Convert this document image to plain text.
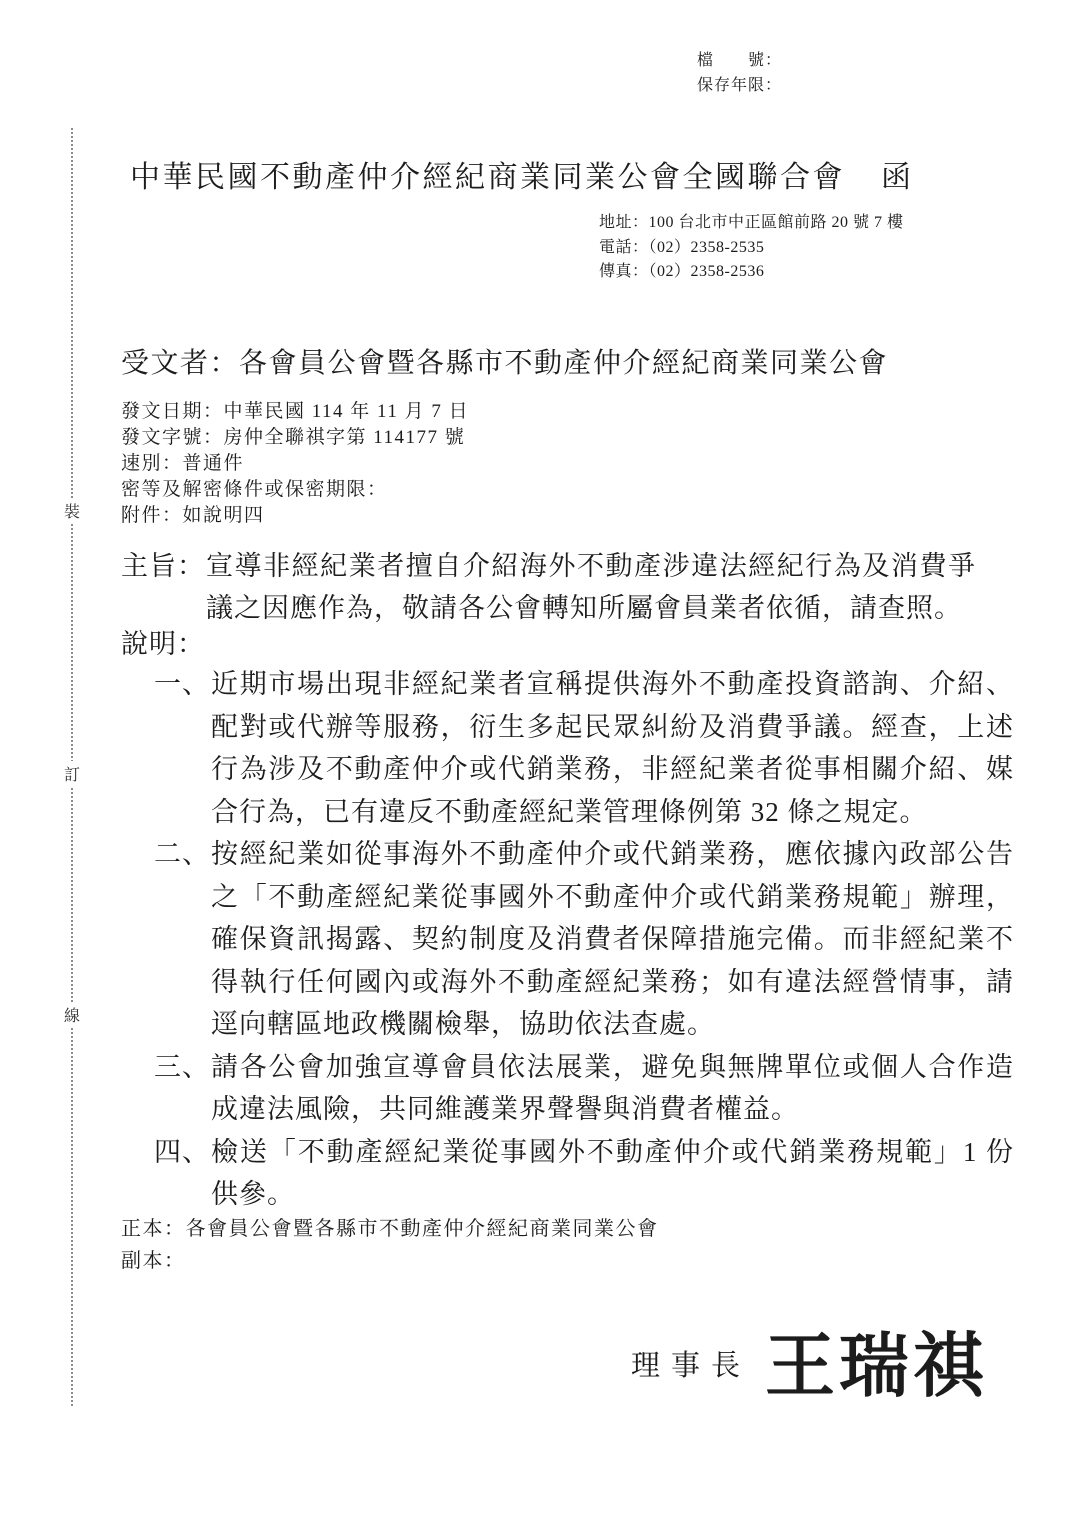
檔　　號：
保存年限：
中華民國不動產仲介經紀商業同業公會全國聯合會 函
地址：100 台北市中正區館前路 20 號 7 樓
電話：（02）2358-2535
傳真：（02）2358-2536
受文者：各會員公會暨各縣市不動產仲介經紀商業同業公會
發文日期：中華民國 114 年 11 月 7 日
發文字號：房仲全聯祺字第 114177 號
速別：普通件
密等及解密條件或保密期限：
附件：如說明四
主旨： 宣導非經紀業者擅自介紹海外不動產涉違法經紀行為及消費爭議之因應作為，敬請各公會轉知所屬會員業者依循，請查照。
說明：
一、 近期市場出現非經紀業者宣稱提供海外不動產投資諮詢、介紹、配對或代辦等服務，衍生多起民眾糾紛及消費爭議。經查，上述行為涉及不動產仲介或代銷業務，非經紀業者從事相關介紹、媒合行為，已有違反不動產經紀業管理條例第 32 條之規定。
二、 按經紀業如從事海外不動產仲介或代銷業務，應依據內政部公告之「不動產經紀業從事國外不動產仲介或代銷業務規範」辦理，確保資訊揭露、契約制度及消費者保障措施完備。而非經紀業不得執行任何國內或海外不動產經紀業務；如有違法經營情事，請逕向轄區地政機關檢舉，協助依法查處。
三、 請各公會加強宣導會員依法展業，避免與無牌單位或個人合作造成違法風險，共同維護業界聲譽與消費者權益。
四、 檢送「不動產經紀業從事國外不動產仲介或代銷業務規範」1 份供參。
正本：各會員公會暨各縣市不動產仲介經紀商業同業公會
副本：
理事長 王瑞祺
裝
訂
線
